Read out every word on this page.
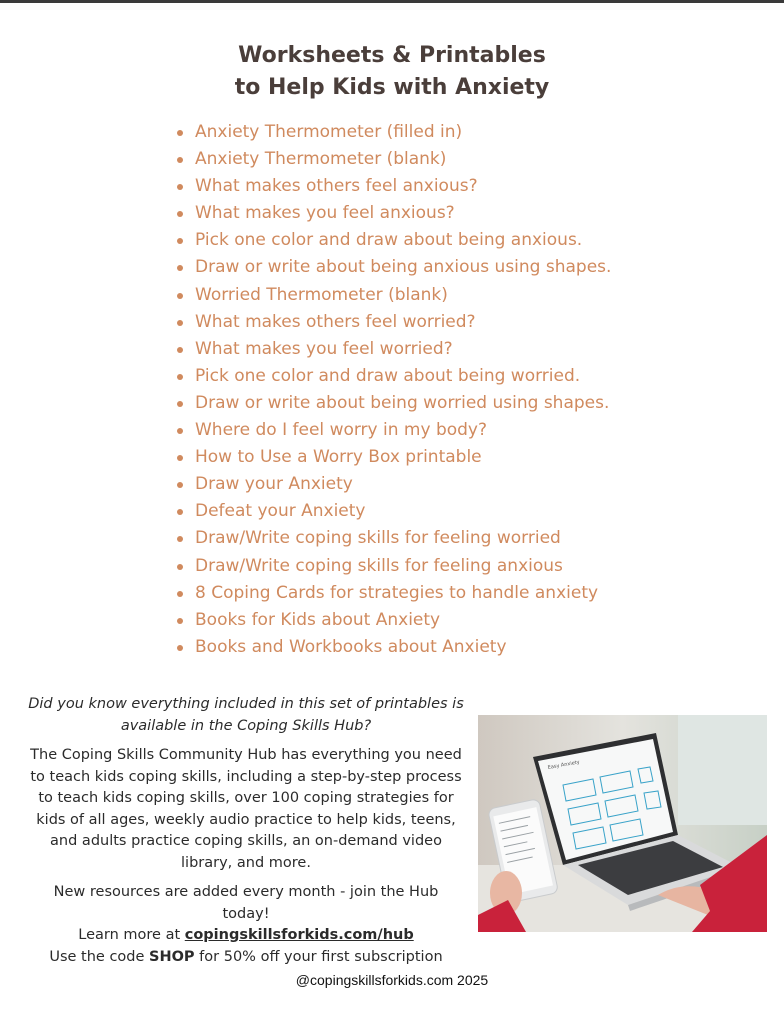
Worksheets & Printables
to Help Kids with Anxiety
Anxiety Thermometer (filled in)
Anxiety Thermometer (blank)
What makes others feel anxious?
What makes you feel anxious?
Pick one color and draw about being anxious.
Draw or write about being anxious using shapes.
Worried Thermometer (blank)
What makes others feel worried?
What makes you feel worried?
Pick one color and draw about being worried.
Draw or write about being worried using shapes.
Where do I feel worry in my body?
How to Use a Worry Box printable
Draw your Anxiety
Defeat your Anxiety
Draw/Write coping skills for feeling worried
Draw/Write coping skills for feeling anxious
8 Coping Cards for strategies to handle anxiety
Books for Kids about Anxiety
Books and Workbooks about Anxiety

Did you know everything included in this set of printables is available in the Coping Skills Hub?

The Coping Skills Community Hub has everything you need to teach kids coping skills, including a step-by-step process to teach kids coping skills, over 100 coping strategies for kids of all ages, weekly audio practice to help kids, teens, and adults practice coping skills, an on-demand video library, and more.

New resources are added every month - join the Hub today!
Learn more at copingskillsforkids.com/hub
Use the code SHOP for 50% off your first subscription
Easy Anxiety
@copingskillsforkids.com 2025
